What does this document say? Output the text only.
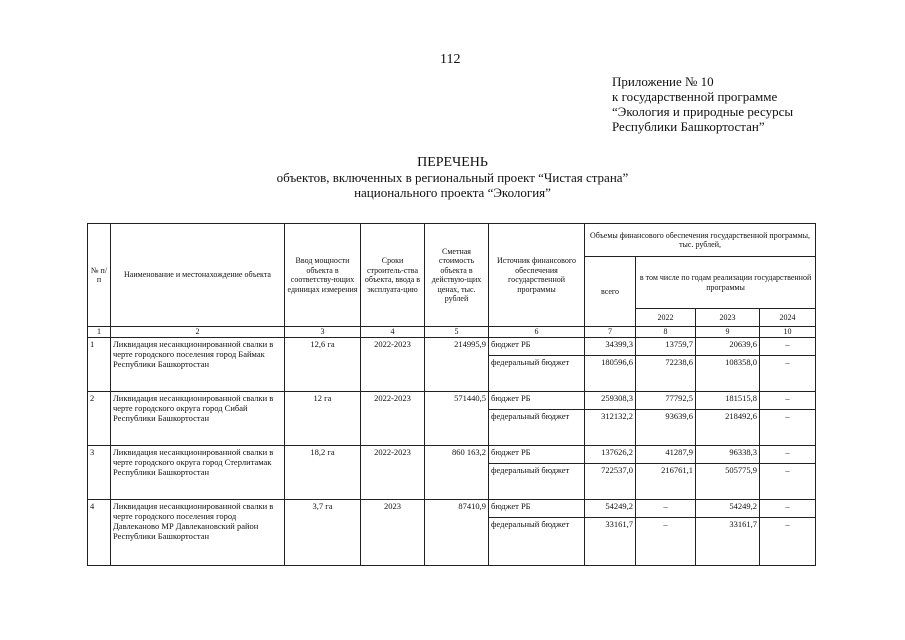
112
Приложение № 10
к государственной программе
“Экология и природные ресурсы
Республики Башкортостан”
ПЕРЕЧЕНЬ
объектов, включенных в региональный проект “Чистая страна”
национального проекта “Экология”
№ п/п	Наименование и местонахождение объекта	Ввод мощности объекта в соответству-ющих единицах измерения	Сроки строитель-ства объекта, ввода в эксплуата-цию	Сметная стоимость объекта в действую-щих ценах, тыс. рублей	Источник финансового обеспечения государственной программы	Объемы финансового обеспечения государственной программы, тыс. рублей,			
						всего	в том числе по годам реализации государственной программы		
							2022	2023	2024
1	2	3	4	5	6	7	8	9	10
1	Ликвидация несанкционированной свалки в черте городского поселения город Баймак Республики Башкортостан	12,6 га	2022-2023	214995,9	бюджет РБ	34399,3	13759,7	20639,6	–
					федеральный бюджет	180596,6	72238,6	108358,0	–
2	Ликвидация несанкционированной свалки в черте городского округа город Сибай Республики Башкортостан	12 га	2022-2023	571440,5	бюджет РБ	259308,3	77792,5	181515,8	–
					федеральный бюджет	312132,2	93639,6	218492,6	–
3	Ликвидация несанкционированной свалки в черте городского округа город Стерлитамак Республики Башкортостан	18,2 га	2022-2023	860 163,2	бюджет РБ	137626,2	41287,9	96338,3	–
					федеральный бюджет	722537,0	216761,1	505775,9	–
4	Ликвидация несанкционированной свалки в черте городского поселения город Давлеканово МР Давлекановский район Республики Башкортостан	3,7 га	2023	87410,9	бюджет РБ	54249,2	–	54249,2	–
					федеральный бюджет	33161,7	–	33161,7	–
